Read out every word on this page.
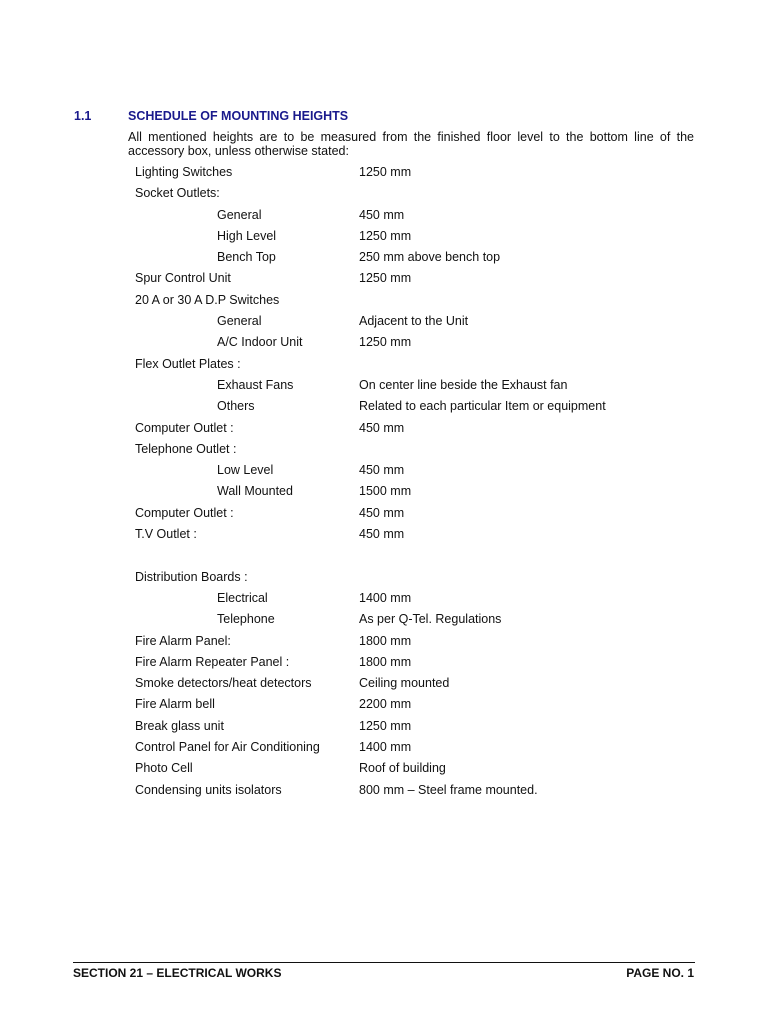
1.1	SCHEDULE OF MOUNTING HEIGHTS
All mentioned heights are to be measured from the finished floor level to the bottom line of the accessory box, unless otherwise stated:
Lighting Switches	1250 mm
Socket Outlets:
General	450 mm
High Level	1250 mm
Bench Top	250 mm above bench top
Spur Control Unit	1250 mm
20 A or 30 A D.P Switches
General	Adjacent to the Unit
A/C Indoor Unit	1250 mm
Flex Outlet Plates :
Exhaust Fans	On center line beside the Exhaust fan
Others	Related to each particular Item or equipment
Computer Outlet :	450 mm
Telephone Outlet :
Low Level	450 mm
Wall Mounted	1500 mm
Computer Outlet :	450 mm
T.V Outlet :	450 mm
Distribution Boards :
Electrical	1400 mm
Telephone	As per Q-Tel. Regulations
Fire Alarm Panel:	1800 mm
Fire Alarm Repeater Panel :	1800 mm
Smoke detectors/heat detectors	Ceiling mounted
Fire Alarm bell	2200 mm
Break glass unit	1250 mm
Control Panel for Air Conditioning	1400 mm
Photo Cell	Roof of building
Condensing units isolators	800 mm – Steel frame mounted.
SECTION 21 – ELECTRICAL WORKS	PAGE NO. 1
